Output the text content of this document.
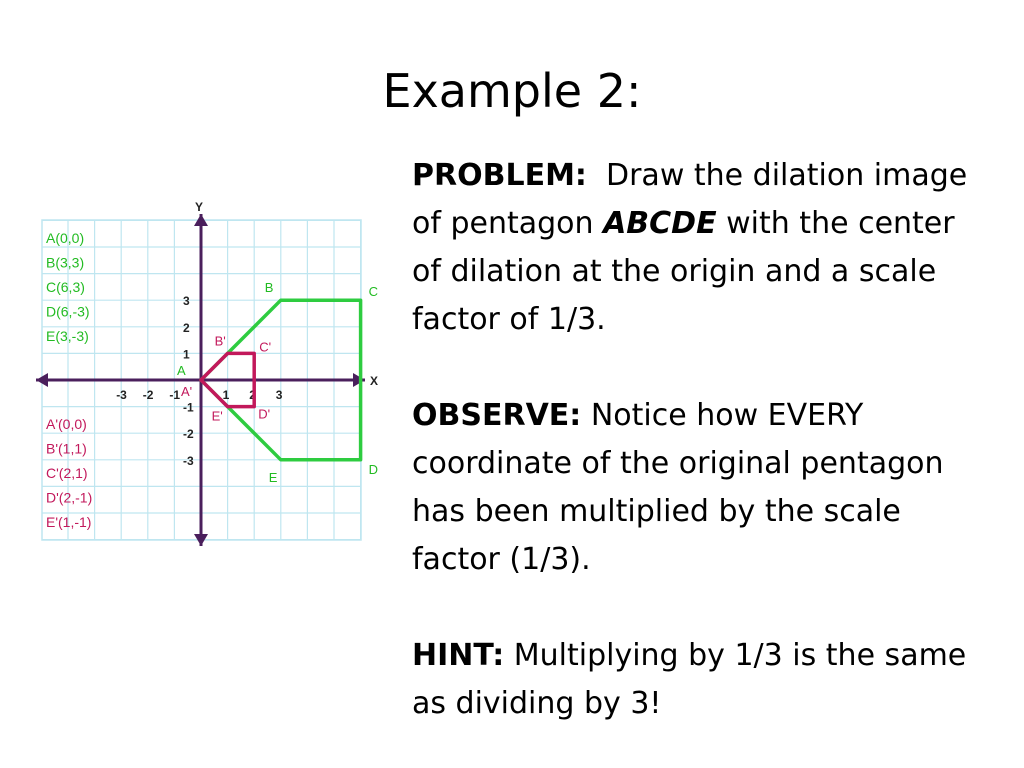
Example 2:
X
Y
-3 -2 -1	1 2 3
3
2
1
-1
-2
-3
A
B	C
D
E
A'
B'	C'
D'
E'
A(0,0)
B(3,3)
C(6,3)
D(6,-3)
E(3,-3)
A'(0,0)
B'(1,1)
C'(2,1)
D'(2,-1)
E'(1,-1)

PROBLEM: Draw the dilation image of pentagon ABCDE with the center of dilation at the origin and a scale factor of 1/3.

OBSERVE: Notice how EVERY coordinate of the original pentagon has been multiplied by the scale factor (1/3).

HINT: Multiplying by 1/3 is the same as dividing by 3!
